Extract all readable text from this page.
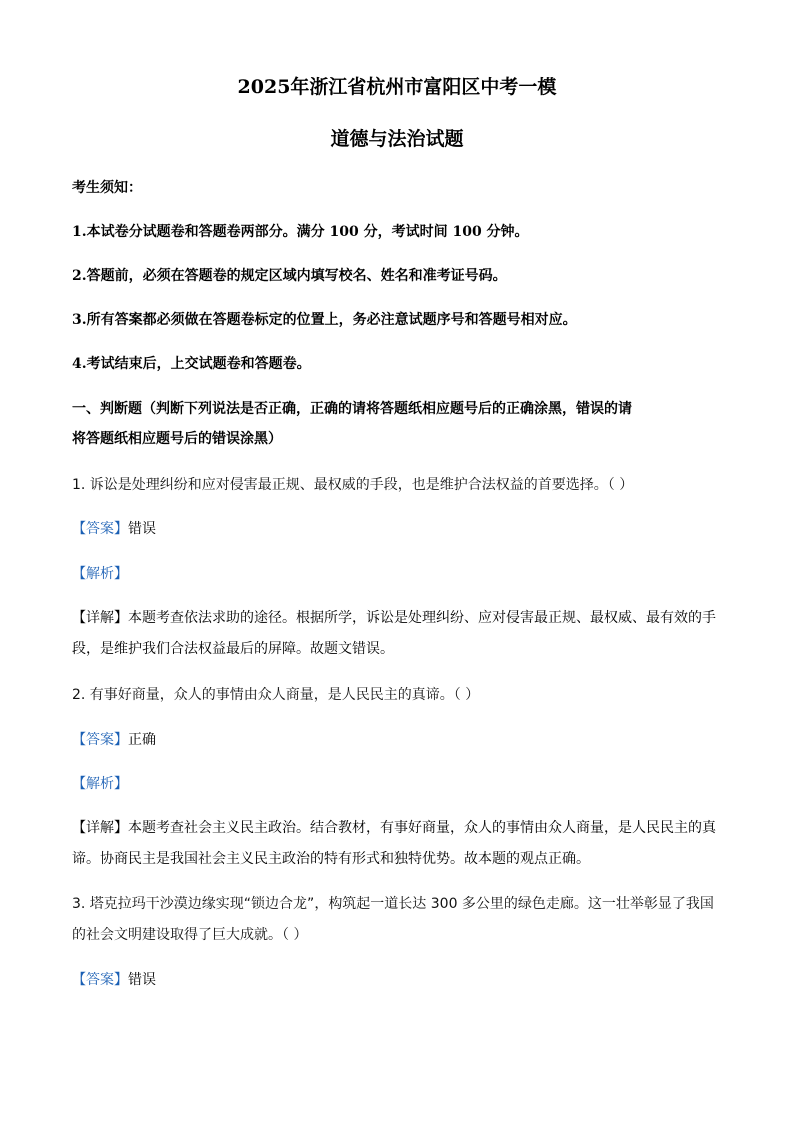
2025年浙江省杭州市富阳区中考一模
道德与法治试题
考生须知：
1.本试卷分试题卷和答题卷两部分。满分 100 分，考试时间 100 分钟。
2.答题前，必须在答题卷的规定区域内填写校名、姓名和准考证号码。
3.所有答案都必须做在答题卷标定的位置上，务必注意试题序号和答题号相对应。
4.考试结束后，上交试题卷和答题卷。
一、判断题（判断下列说法是否正确，正确的请将答题纸相应题号后的正确涂黑，错误的请
将答题纸相应题号后的错误涂黑）
1. 诉讼是处理纠纷和应对侵害最正规、最权威的手段，也是维护合法权益的首要选择。（ ）
【答案】错误
【解析】
【详解】本题考查依法求助的途径。根据所学，诉讼是处理纠纷、应对侵害最正规、最权威、最有效的手
段，是维护我们合法权益最后的屏障。故题文错误。
2. 有事好商量，众人的事情由众人商量，是人民民主的真谛。（ ）
【答案】正确
【解析】
【详解】本题考查社会主义民主政治。结合教材，有事好商量，众人的事情由众人商量，是人民民主的真
谛。协商民主是我国社会主义民主政治的特有形式和独特优势。故本题的观点正确。
3. 塔克拉玛干沙漠边缘实现“锁边合龙”，构筑起一道长达 300 多公里的绿色走廊。这一壮举彰显了我国
的社会文明建设取得了巨大成就。（ ）
【答案】错误
